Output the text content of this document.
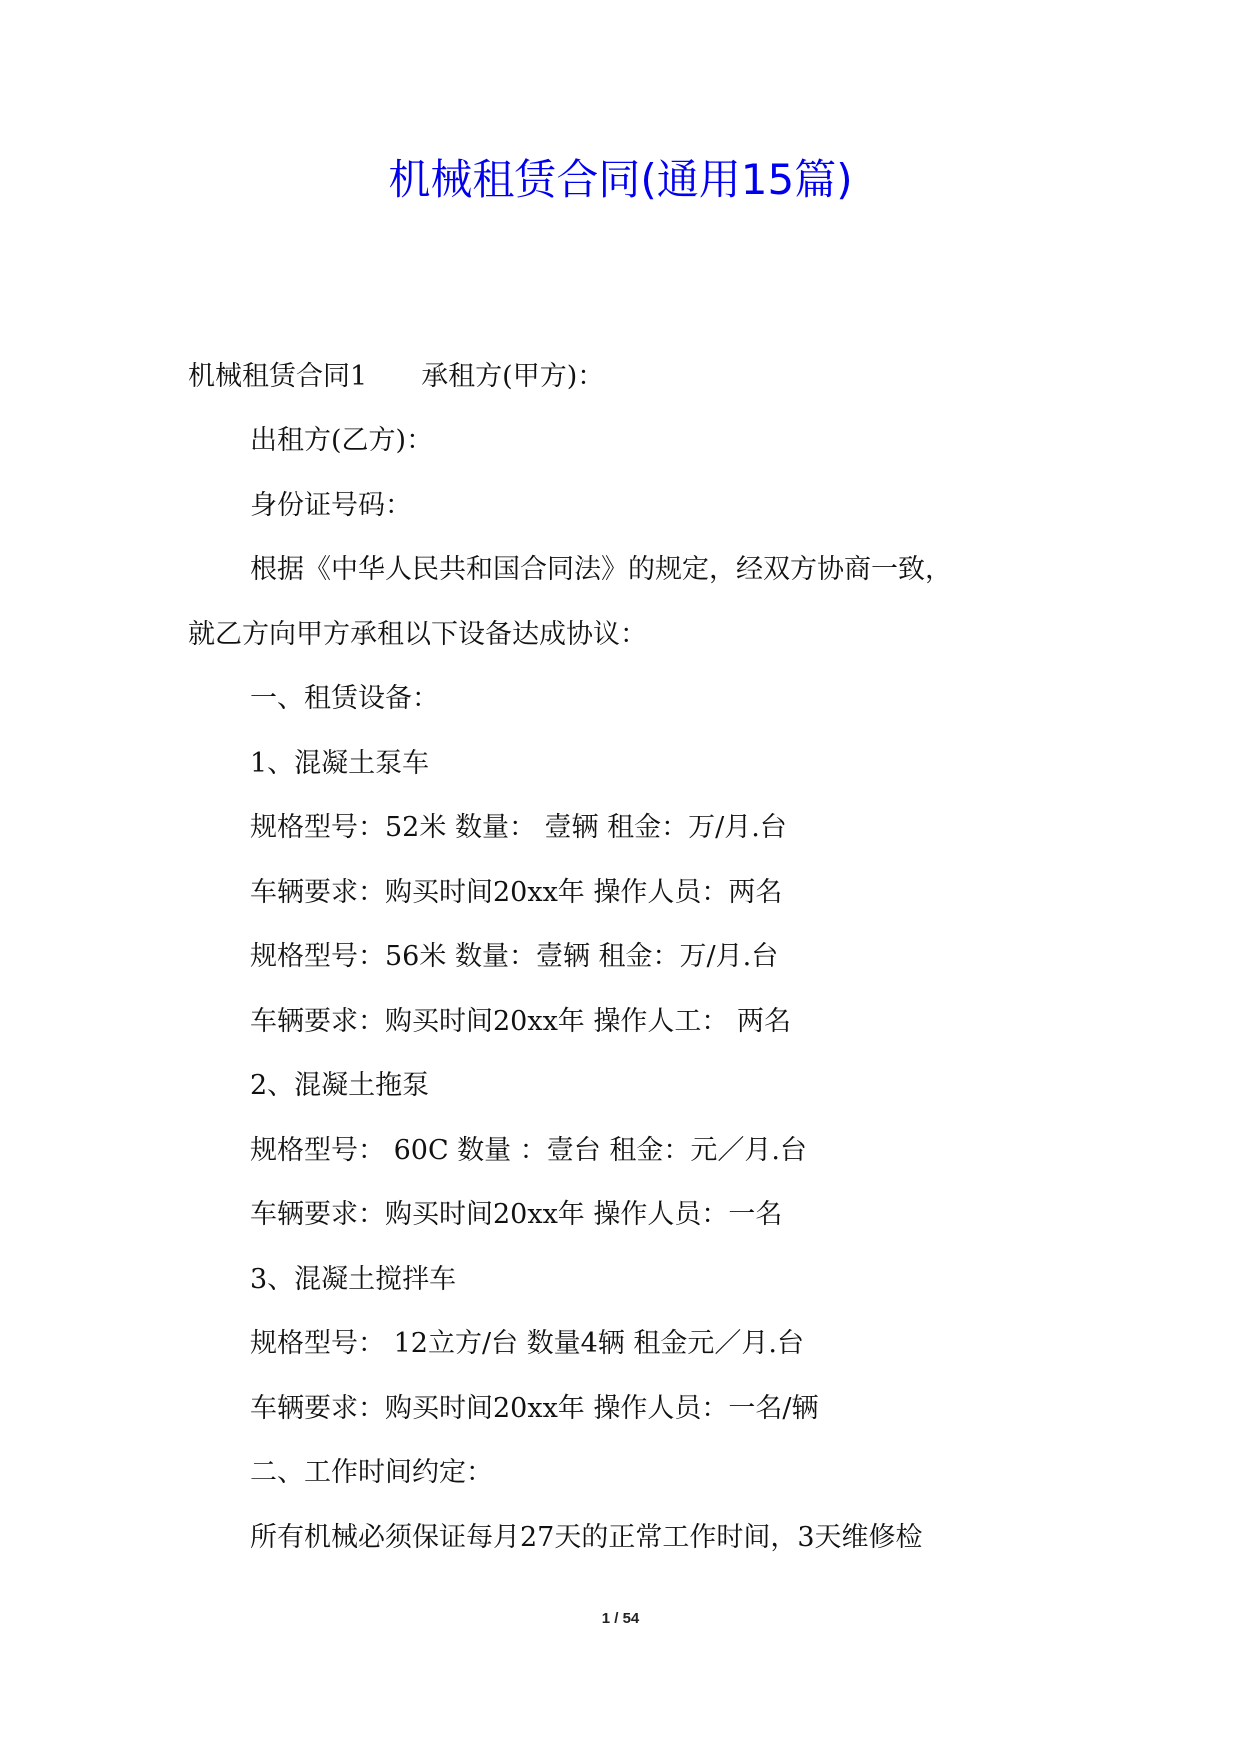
机械租赁合同(通用15篇)
机械租赁合同1　　承租方(甲方)：
出租方(乙方)：
身份证号码：
根据《中华人民共和国合同法》的规定，经双方协商一致，
就乙方向甲方承租以下设备达成协议：
一、租赁设备：
1、混凝土泵车
规格型号：52米 数量： 壹辆 租金：万/月.台
车辆要求：购买时间20xx年 操作人员：两名
规格型号：56米 数量：壹辆 租金：万/月.台
车辆要求：购买时间20xx年 操作人工： 两名
2、混凝土拖泵
规格型号： 60C 数量 ：壹台 租金：元／月.台
车辆要求：购买时间20xx年 操作人员：一名
3、混凝土搅拌车
规格型号： 12立方/台 数量4辆 租金元／月.台
车辆要求：购买时间20xx年 操作人员：一名/辆
二、工作时间约定：
所有机械必须保证每月27天的正常工作时间，3天维修检
1 / 54
